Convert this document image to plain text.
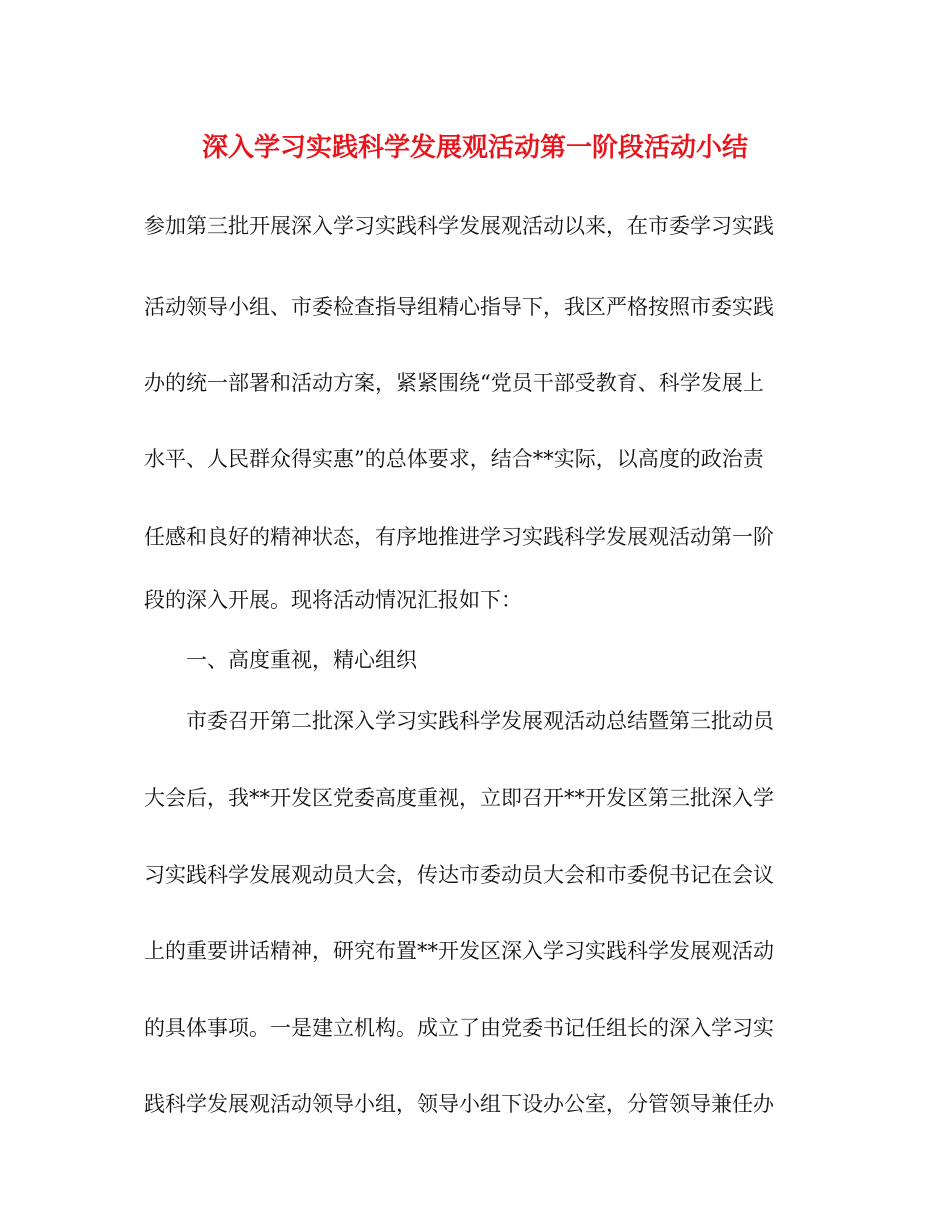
深入学习实践科学发展观活动第一阶段活动小结
参加第三批开展深入学习实践科学发展观活动以来，在市委学习实践
活动领导小组、市委检查指导组精心指导下，我区严格按照市委实践
办的统一部署和活动方案，紧紧围绕“党员干部受教育、科学发展上
水平、人民群众得实惠”的总体要求，结合**实际，以高度的政治责
任感和良好的精神状态，有序地推进学习实践科学发展观活动第一阶
段的深入开展。现将活动情况汇报如下：
一、高度重视，精心组织
市委召开第二批深入学习实践科学发展观活动总结暨第三批动员
大会后，我**开发区党委高度重视，立即召开**开发区第三批深入学
习实践科学发展观动员大会，传达市委动员大会和市委倪书记在会议
上的重要讲话精神，研究布置**开发区深入学习实践科学发展观活动
的具体事项。一是建立机构。成立了由党委书记任组长的深入学习实
践科学发展观活动领导小组，领导小组下设办公室，分管领导兼任办
